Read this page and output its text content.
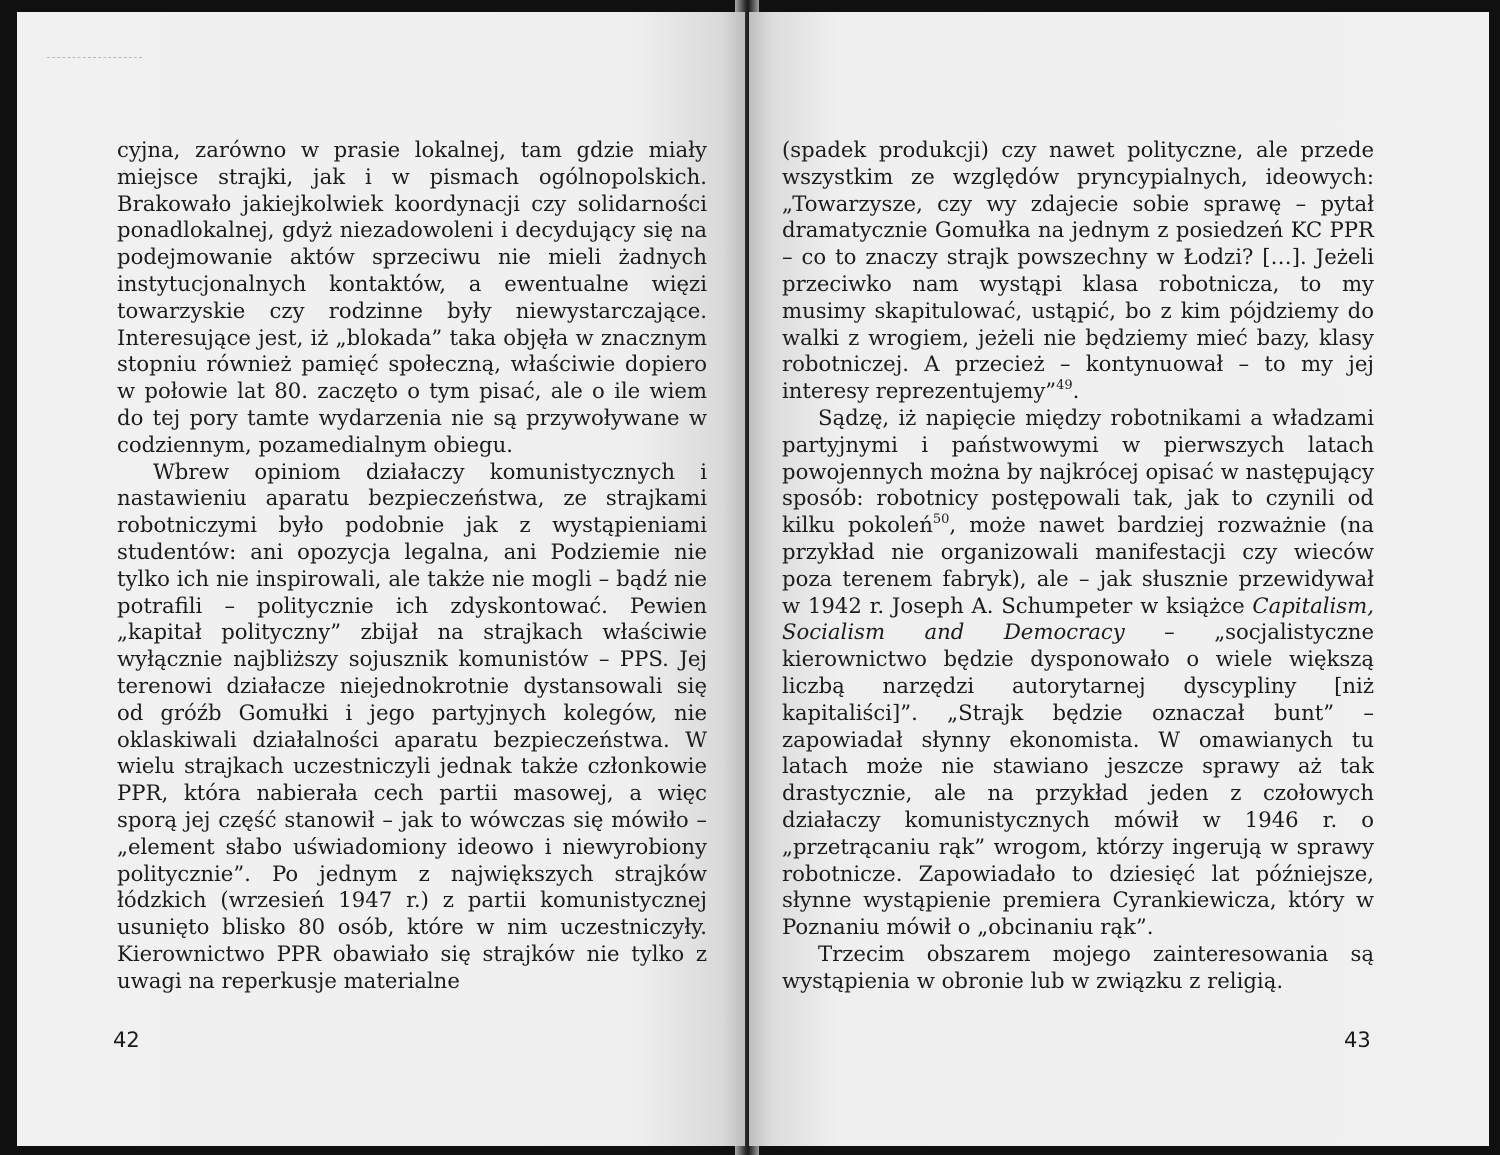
cyjna, zarówno w prasie lokalnej, tam gdzie miały miejsce strajki, jak i w pismach ogólnopolskich. Brakowało jakiejkolwiek koordynacji czy solidarności ponadlokalnej, gdyż niezadowoleni i decydujący się na podejmowanie aktów sprzeciwu nie mieli żadnych instytucjonalnych kontaktów, a ewentualne więzi towarzyskie czy rodzinne były niewystarczające. Interesujące jest, iż „blokada” taka objęła w znacznym stopniu również pamięć społeczną, właściwie dopiero w połowie lat 80. zaczęto o tym pisać, ale o ile wiem do tej pory tamte wydarzenia nie są przywoływane w codziennym, pozamedialnym obiegu.

Wbrew opiniom działaczy komunistycznych i nastawieniu aparatu bezpieczeństwa, ze strajkami robotniczymi było podobnie jak z wystąpieniami studentów: ani opozycja legalna, ani Podziemie nie tylko ich nie inspirowali, ale także nie mogli – bądź nie potrafili – politycznie ich zdyskontować. Pewien „kapitał polityczny” zbijał na strajkach właściwie wyłącznie najbliższy sojusznik komunistów – PPS. Jej terenowi działacze niejednokrotnie dystansowali się od gróźb Gomułki i jego partyjnych kolegów, nie oklaskiwali działalności aparatu bezpieczeństwa. W wielu strajkach uczestniczyli jednak także członkowie PPR, która nabierała cech partii masowej, a więc sporą jej część stanowił – jak to wówczas się mówiło – „element słabo uświadomiony ideowo i niewyrobiony politycznie”. Po jednym z największych strajków łódzkich (wrzesień 1947 r.) z partii komunistycznej usunięto blisko 80 osób, które w nim uczestniczyły. Kierownictwo PPR obawiało się strajków nie tylko z uwagi na reperkusje materialne

42

(spadek produkcji) czy nawet polityczne, ale przede wszystkim ze względów pryncypialnych, ideowych: „Towarzysze, czy wy zdajecie sobie sprawę – pytał dramatycznie Gomułka na jednym z posiedzeń KC PPR – co to znaczy strajk powszechny w Łodzi? […]. Jeżeli przeciwko nam wystąpi klasa robotnicza, to my musimy skapitulować, ustąpić, bo z kim pójdziemy do walki z wrogiem, jeżeli nie będziemy mieć bazy, klasy robotniczej. A przecież – kontynuował – to my jej interesy reprezentujemy”$^{49}$.

Sądzę, iż napięcie między robotnikami a władzami partyjnymi i państwowymi w pierwszych latach powojennych można by najkrócej opisać w następujący sposób: robotnicy postępowali tak, jak to czynili od kilku pokoleń$^{50}$, może nawet bardziej rozważnie (na przykład nie organizowali manifestacji czy wieców poza terenem fabryk), ale – jak słusznie przewidywał w 1942 r. Joseph A. Schumpeter w książce Capitalism, Socialism and Democracy – „socjalistyczne kierownictwo będzie dysponowało o wiele większą liczbą narzędzi autorytarnej dyscypliny [niż kapitaliści]”. „Strajk będzie oznaczał bunt” – zapowiadał słynny ekonomista. W omawianych tu latach może nie stawiano jeszcze sprawy aż tak drastycznie, ale na przykład jeden z czołowych działaczy komunistycznych mówił w 1946 r. o „przetrącaniu rąk” wrogom, którzy ingerują w sprawy robotnicze. Zapowiadało to dziesięć lat późniejsze, słynne wystąpienie premiera Cyrankiewicza, który w Poznaniu mówił o „obcinaniu rąk”.

Trzecim obszarem mojego zainteresowania są wystąpienia w obronie lub w związku z religią.

43
